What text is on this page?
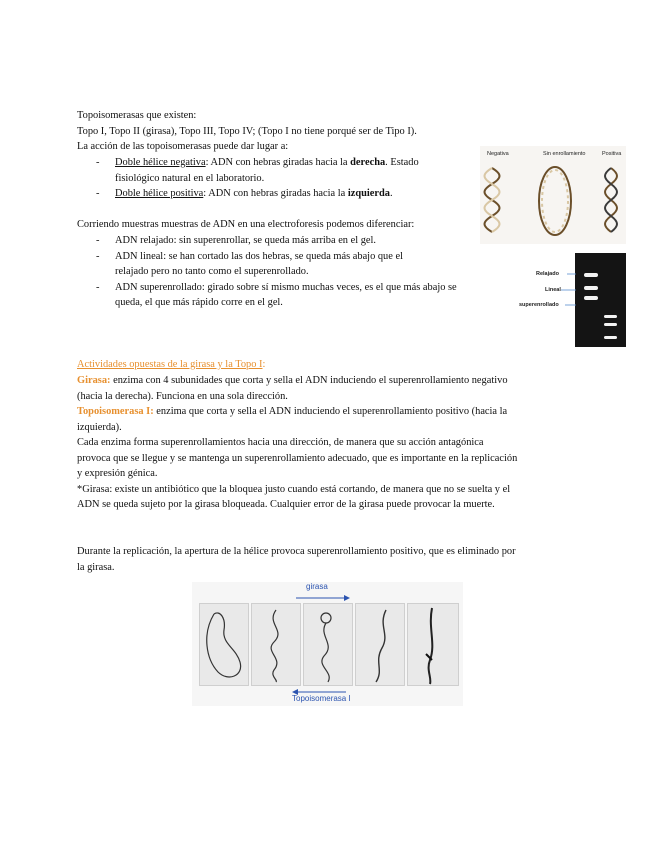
Topoisomerasas que existen:

Topo I, Topo II (girasa), Topo III, Topo IV; (Topo I no tiene porqué ser de Tipo I).

La acción de las topoisomerasas puede dar lugar a:

- Doble hélice negativa: ADN con hebras giradas hacia la derecha. Estado

fisiológico natural en el laboratorio.

- Doble hélice positiva: ADN con hebras giradas hacia la izquierda.

Negativa	Sin enrollamiento	Positiva

Corriendo muestras muestras de ADN en una electroforesis podemos diferenciar:

- ADN relajado: sin superenrollar, se queda más arriba en el gel.

- ADN lineal: se han cortado las dos hebras, se queda más abajo que el

relajado pero no tanto como el superenrollado.

- ADN superenrollado: girado sobre sí mismo muchas veces, es el que más abajo se

queda, el que más rápido corre en el gel.

Relajado
Lineal
superenrollado

Actividades opuestas de la girasa y la Topo I:

Girasa: enzima con 4 subunidades que corta y sella el ADN induciendo el superenrollamiento negativo

(hacia la derecha). Funciona en una sola dirección.

Topoisomerasa I: enzima que corta y sella el ADN induciendo el superenrollamiento positivo (hacia la

izquierda).

Cada enzima forma superenrollamientos hacia una dirección, de manera que su acción antagónica

provoca que se llegue y se mantenga un superenrollamiento adecuado, que es importante en la replicación

y expresión génica.

*Girasa: existe un antibiótico que la bloquea justo cuando está cortando, de manera que no se suelta y el

ADN se queda sujeto por la girasa bloqueada. Cualquier error de la girasa puede provocar la muerte.

Durante la replicación, la apertura de la hélice provoca superenrollamiento positivo, que es eliminado por

la girasa.

girasa
Topoisomerasa I
